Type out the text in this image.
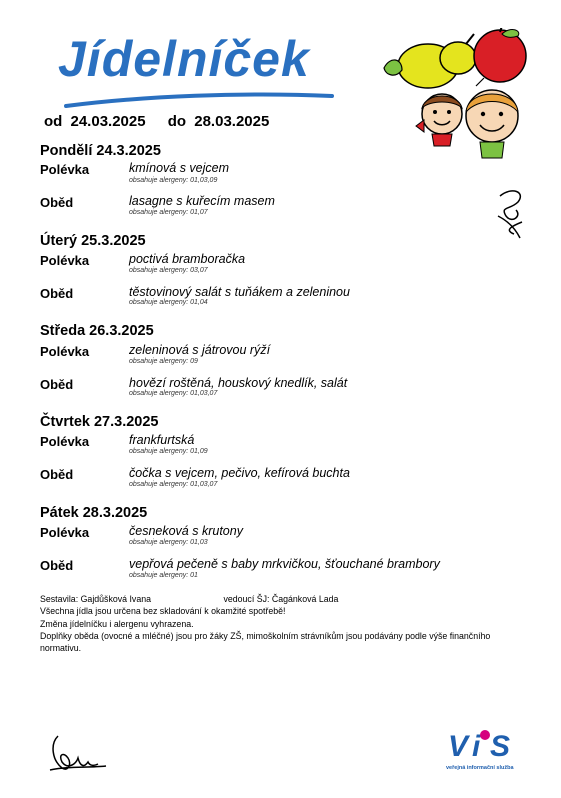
Jídelníček
od 24.03.2025 do 28.03.2025
Pondělí 24.3.2025
Polévka	kmínová s vejcem
obsahuje alergeny: 01,03,09
Oběd	lasagne s kuřecím masem
obsahuje alergeny: 01,07
Úterý 25.3.2025
Polévka	poctivá bramboračka
obsahuje alergeny: 03,07
Oběd	těstovinový salát s tuňákem a zeleninou
obsahuje alergeny: 01,04
Středa 26.3.2025
Polévka	zeleninová s játrovou rýží
obsahuje alergeny: 09
Oběd	hovězí roštěná, houskový knedlík, salát
obsahuje alergeny: 01,03,07
Čtvrtek 27.3.2025
Polévka	frankfurtská
obsahuje alergeny: 01,09
Oběd	čočka s vejcem, pečivo, kefírová buchta
obsahuje alergeny: 01,03,07
Pátek 28.3.2025
Polévka	česneková s krutony
obsahuje alergeny: 01,03
Oběd	vepřová pečeně s baby mrkvičkou, šťouchané brambory
obsahuje alergeny: 01
Sestavila: Gajdůšková Ivana	vedoucí ŠJ: Čagánková Lada
Všechna jídla jsou určena bez skladování k okamžité spotřebě!
Změna jídelníčku i alergenu vyhrazena.
Doplňky oběda (ovocné a mléčné) jsou pro žáky ZŠ, mimoškolním strávníkům jsou podávány podle výše finančního normativu.
V i S
veřejná informační služba
